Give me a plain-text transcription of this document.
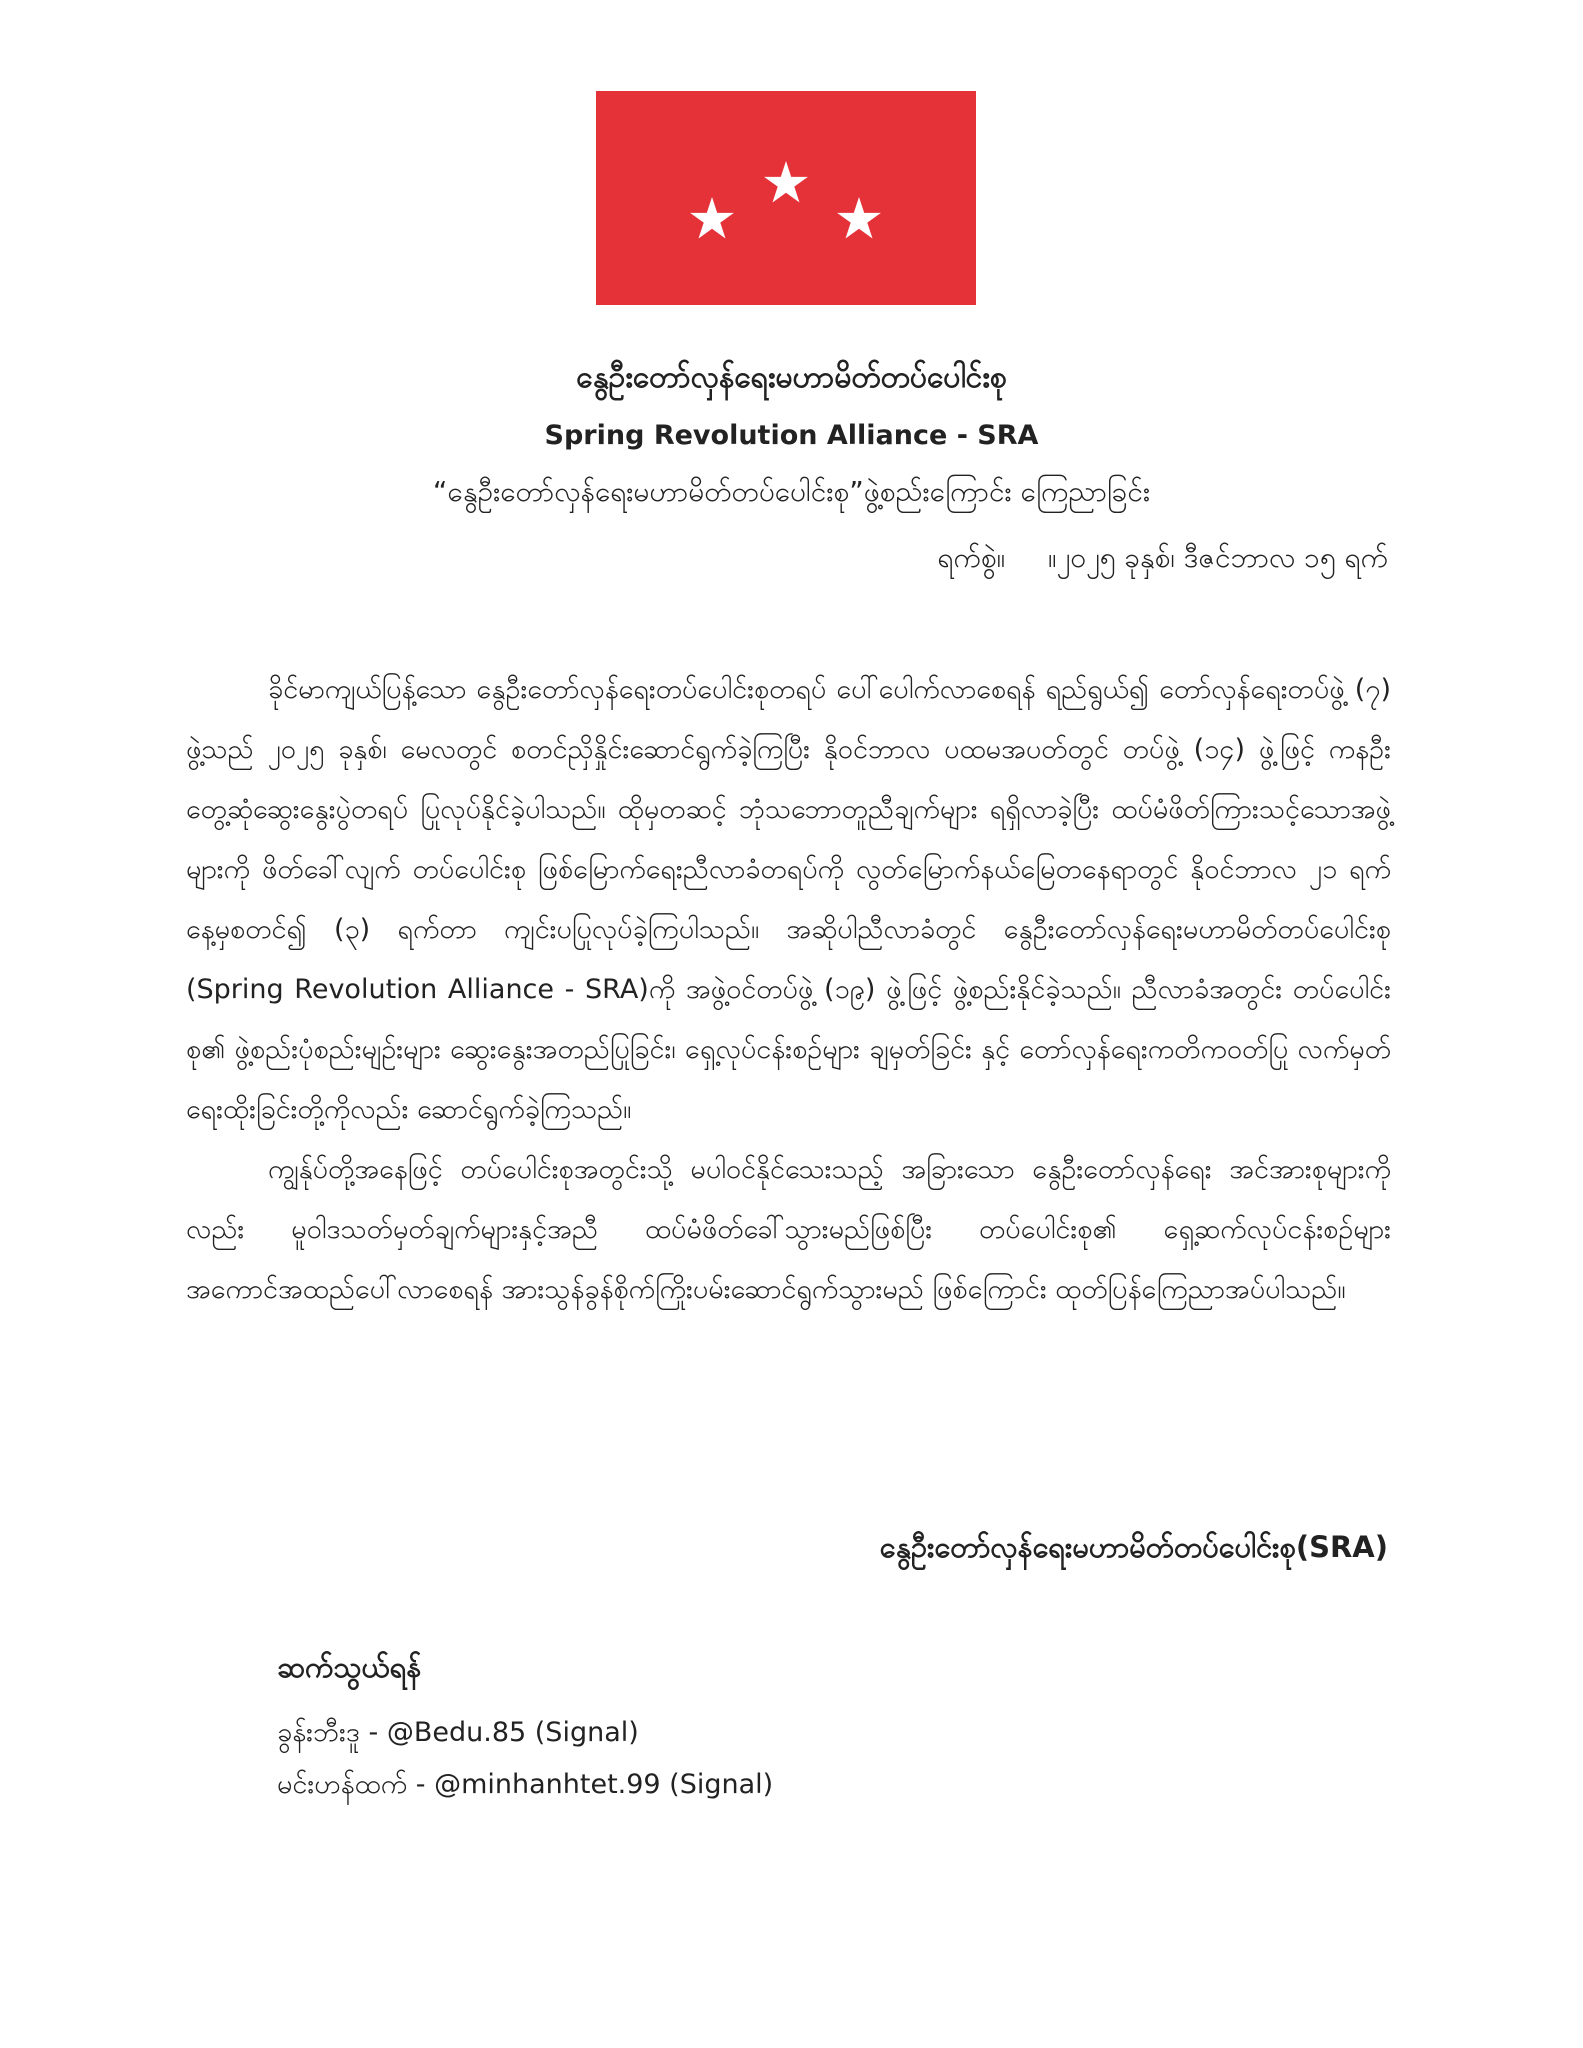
နွေဦးတော်လှန်ရေးမဟာမိတ်တပ်ပေါင်းစု
Spring Revolution Alliance - SRA
“နွေဦးတော်လှန်ရေးမဟာမိတ်တပ်ပေါင်းစု”ဖွဲ့စည်းကြောင်း ကြေညာခြင်း
ရက်စွဲ။ ။၂၀၂၅ ခုနှစ်၊ ဒီဇင်ဘာလ ၁၅ ရက်

ခိုင်မာကျယ်ပြန့်သော နွေဦးတော်လှန်ရေးတပ်ပေါင်းစုတရပ် ပေါ်ပေါက်လာစေရန် ရည်ရွယ်၍ တော်လှန်ရေးတပ်ဖွဲ့ (၇) ဖွဲ့သည် ၂၀၂၅ ခုနှစ်၊ မေလတွင် စတင်ညှိနှိုင်းဆောင်ရွက်ခဲ့ကြပြီး နိုဝင်ဘာလ ပထမအပတ်တွင် တပ်ဖွဲ့ (၁၄) ဖွဲ့ဖြင့် ကနဦးတွေ့ဆုံဆွေးနွေးပွဲတရပ် ပြုလုပ်နိုင်ခဲ့ပါသည်။ ထိုမှတဆင့် ဘုံသဘောတူညီချက်များ ရရှိလာခဲ့ပြီး ထပ်မံဖိတ်ကြားသင့်သောအဖွဲ့များကို ဖိတ်ခေါ်လျက် တပ်ပေါင်းစု ဖြစ်မြောက်ရေးညီလာခံတရပ်ကို လွတ်မြောက်နယ်မြေတနေရာတွင် နိုဝင်ဘာလ ၂၁ ရက်နေ့မှစတင်၍ (၃) ရက်တာ ကျင်းပပြုလုပ်ခဲ့ကြပါသည်။ အဆိုပါညီလာခံတွင် နွေဦးတော်လှန်ရေးမဟာမိတ်တပ်ပေါင်းစု (Spring Revolution Alliance - SRA)ကို အဖွဲ့ဝင်တပ်ဖွဲ့ (၁၉) ဖွဲ့ဖြင့် ဖွဲ့စည်းနိုင်ခဲ့သည်။ ညီလာခံအတွင်း တပ်ပေါင်းစု၏ ဖွဲ့စည်းပုံစည်းမျဉ်းများ ဆွေးနွေးအတည်ပြုခြင်း၊ ရှေ့လုပ်ငန်းစဉ်များ ချမှတ်ခြင်း နှင့် တော်လှန်ရေးကတိကဝတ်ပြု လက်မှတ်ရေးထိုးခြင်းတို့ကိုလည်း ဆောင်ရွက်ခဲ့ကြသည်။

ကျွန်ုပ်တို့အနေဖြင့် တပ်ပေါင်းစုအတွင်းသို့ မပါဝင်နိုင်သေးသည့် အခြားသော နွေဦးတော်လှန်ရေး အင်အားစုများကိုလည်း မူဝါဒသတ်မှတ်ချက်များနှင့်အညီ ထပ်မံဖိတ်ခေါ်သွားမည်ဖြစ်ပြီး တပ်ပေါင်းစု၏ ရှေ့ဆက်လုပ်ငန်းစဉ်များအကောင်အထည်ပေါ်လာစေရန် အားသွန်ခွန်စိုက်ကြိုးပမ်းဆောင်ရွက်သွားမည် ဖြစ်ကြောင်း ထုတ်ပြန်ကြေညာအပ်ပါသည်။

နွေဦးတော်လှန်ရေးမဟာမိတ်တပ်ပေါင်းစု(SRA)
ဆက်သွယ်ရန်
ခွန်းဘီးဒူ - @Bedu.85 (Signal)
မင်းဟန်ထက် - @minhanhtet.99 (Signal)
